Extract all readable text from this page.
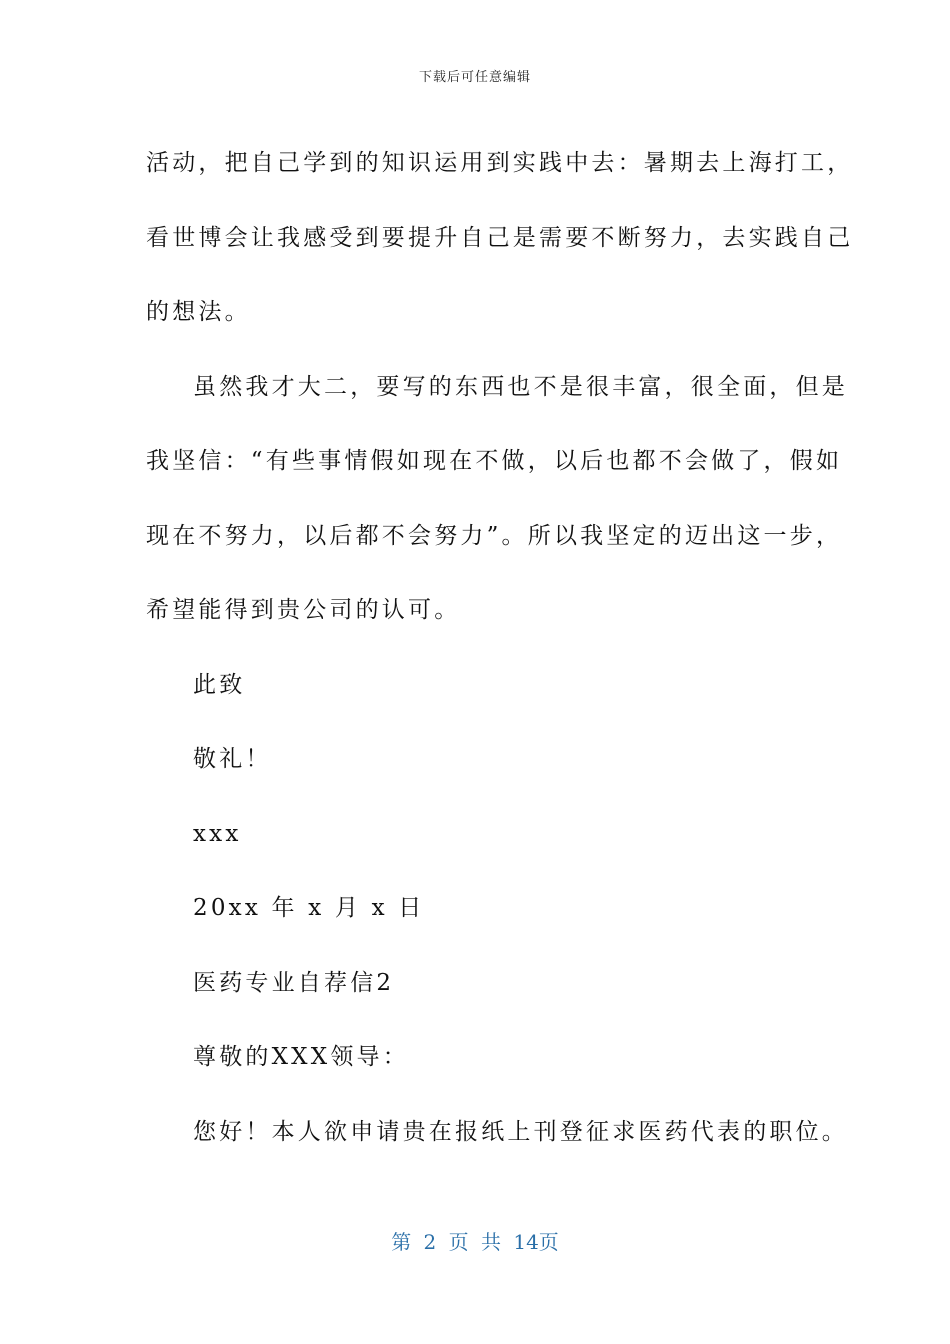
下载后可任意编辑
活动，把自己学到的知识运用到实践中去：暑期去上海打工，
看世博会让我感受到要提升自己是需要不断努力，去实践自己
的想法。
虽然我才大二，要写的东西也不是很丰富，很全面，但是
我坚信：“有些事情假如现在不做，以后也都不会做了，假如
现在不努力，以后都不会努力”。所以我坚定的迈出这一步，
希望能得到贵公司的认可。
此致
敬礼！
xxx
20xx 年 x 月 x 日
医药专业自荐信2
尊敬的XXX领导：
您好！本人欲申请贵在报纸上刊登征求医药代表的职位。
第 2 页 共 14页
